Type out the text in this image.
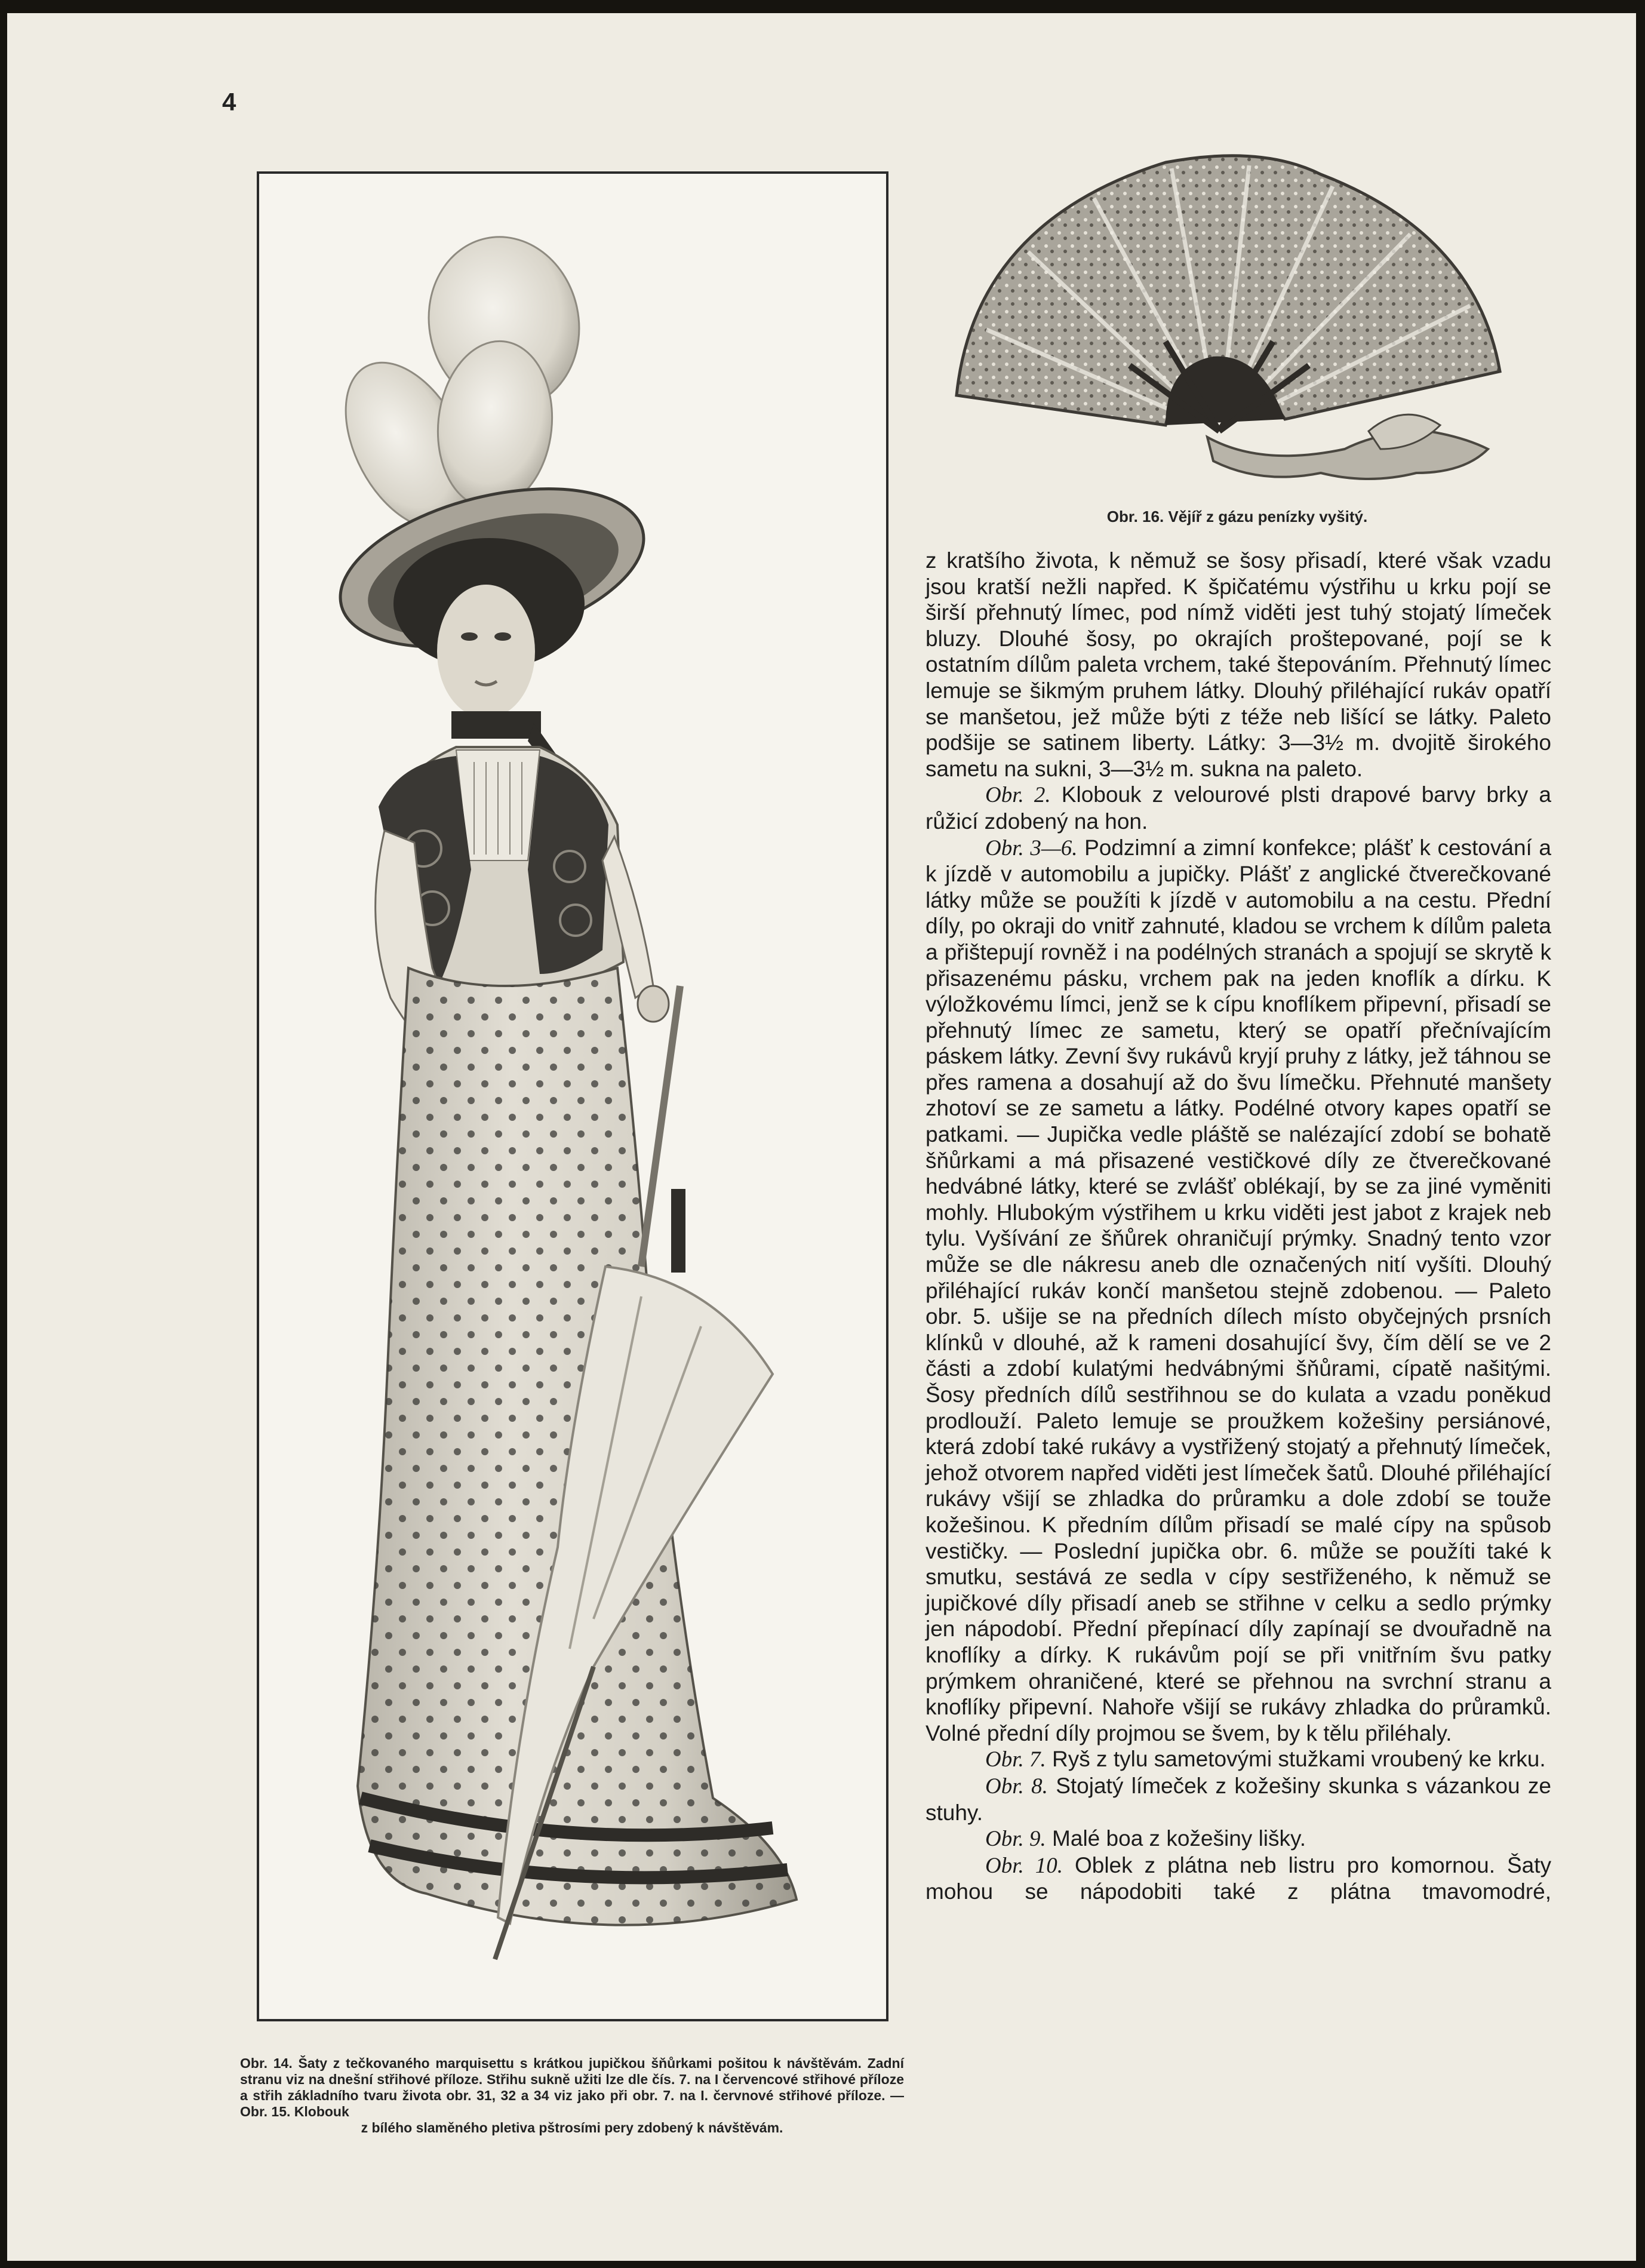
4
Obr. 14. Šaty z tečkovaného marquisettu s krátkou jupičkou šňůrkami pošitou k návštěvám. Zadní stranu viz na dnešní střihové příloze. Střihu sukně užiti lze dle čís. 7. na I červencové střihové příloze a střih základního tvaru života obr. 31, 32 a 34 viz jako při obr. 7. na I. červnové střihové příloze. — Obr. 15. Klobouk
z bílého slaměného pletiva pštrosími pery zdobený k návštěvám.
Obr. 16. Vějíř z gázu penízky vyšitý.

z kratšího života, k němuž se šosy přisadí, které však vzadu jsou kratší nežli napřed. K špičatému výstřihu u krku pojí se širší přehnutý límec, pod nímž viděti jest tuhý stojatý límeček bluzy. Dlouhé šosy, po okrajích proštepované, pojí se k ostatním dílům paleta vrchem, také štepováním. Přehnutý límec lemuje se šikmým pruhem látky. Dlouhý přiléhající rukáv opatří se manšetou, jež může býti z téže neb lišící se látky. Paleto podšije se satinem liberty. Látky: 3—3½ m. dvojitě širokého sametu na sukni, 3—3½ m. sukna na paleto.

Obr. 2. Klobouk z velourové plsti drapové barvy brky a růžicí zdobený na hon.

Obr. 3—6. Podzimní a zimní konfekce; plášť k cestování a k jízdě v automobilu a jupičky. Plášť z anglické čtverečkované látky může se použíti k jízdě v automobilu a na cestu. Přední díly, po okraji do vnitř zahnuté, kladou se vrchem k dílům paleta a přištepují rovněž i na podélných stranách a spojují se skrytě k přisazenému pásku, vrchem pak na jeden knoflík a dírku. K výložkovému límci, jenž se k cípu knoflíkem připevní, přisadí se přehnutý límec ze sametu, který se opatří přečnívajícím páskem látky. Zevní švy rukávů kryjí pruhy z látky, jež táhnou se přes ramena a dosahují až do švu límečku. Přehnuté manšety zhotoví se ze sametu a látky. Podélné otvory kapes opatří se patkami. — Jupička vedle pláště se nalézající zdobí se bohatě šňůrkami a má přisazené vestičkové díly ze čtverečkované hedvábné látky, které se zvlášť oblékají, by se za jiné vyměniti mohly. Hlubokým výstřihem u krku viděti jest jabot z krajek neb tylu. Vyšívání ze šňůrek ohraničují prýmky. Snadný tento vzor může se dle nákresu aneb dle označených nití vyšíti. Dlouhý přiléhající rukáv končí manšetou stejně zdobenou. — Paleto obr. 5. ušije se na předních dílech místo obyčejných prsních klínků v dlouhé, až k rameni dosahující švy, čím dělí se ve 2 části a zdobí kulatými hedvábnými šňůrami, cípatě našitými. Šosy předních dílů sestřihnou se do kulata a vzadu poněkud prodlouží. Paleto lemuje se proužkem kožešiny persiánové, která zdobí také rukávy a vystřižený stojatý a přehnutý límeček, jehož otvorem napřed viděti jest límeček šatů. Dlouhé přiléhající rukávy všijí se zhladka do průramku a dole zdobí se touže kožešinou. K předním dílům přisadí se malé cípy na spůsob vestičky. — Poslední jupička obr. 6. může se použíti také k smutku, sestává ze sedla v cípy sestřiženého, k němuž se jupičkové díly přisadí aneb se střihne v celku a sedlo prýmky jen nápodobí. Přední přepínací díly zapínají se dvouřadně na knoflíky a dírky. K rukávům pojí se při vnitřním švu patky prýmkem ohraničené, které se přehnou na svrchní stranu a knoflíky připevní. Nahoře všijí se rukávy zhladka do průramků. Volné přední díly projmou se švem, by k tělu přiléhaly.

Obr. 7. Ryš z tylu sametovými stužkami vroubený ke krku.

Obr. 8. Stojatý límeček z kožešiny skunka s vázankou ze stuhy.

Obr. 9. Malé boa z kožešiny lišky.

Obr. 10. Oblek z plátna neb listru pro komornou. Šaty mohou se nápodobiti také z plátna tmavomodré,
